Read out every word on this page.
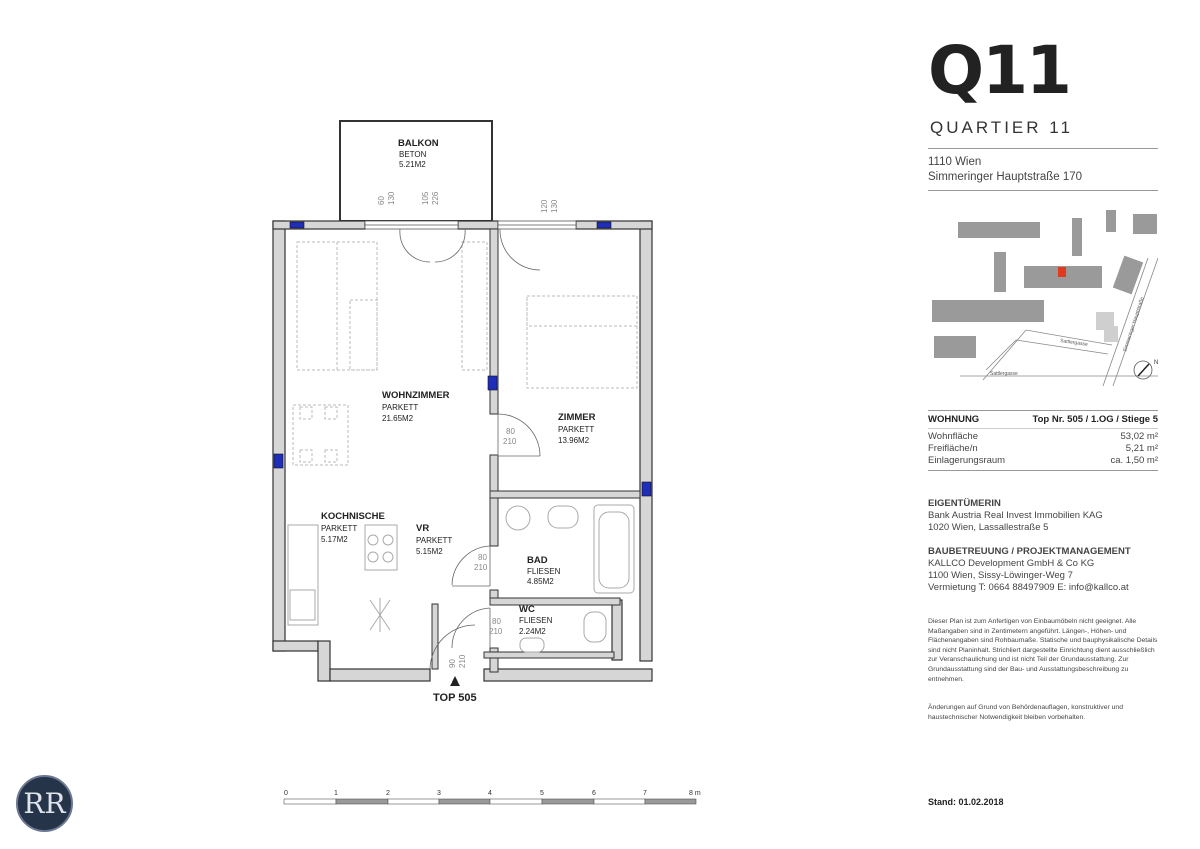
BALKON
BETON
5.21M2
60 130	105 226
120 130
80
210
80
210
80
210
90 210
WOHNZIMMER
PARKETT
21.65M2	ZIMMER
PARKETT
13.96M2
KOCHNISCHE
PARKETT
5.17M2
VR
PARKETT
5.15M2
BAD
FLIESEN
4.85M2
WC
FLIESEN
2.24M2
TOP 505
0	1	2	3	4	5	6	7	8 m
RR
Q11
QUARTIER 11
1110 Wien
Simmeringer Hauptstraße 170
Simmeringer Hauptstraße
Sattlergasse
Sattlergasse
N
WOHNUNG	Top Nr. 505 / 1.OG / Stiege 5
Wohnfläche	53,02 m²
Freifläche/n	5,21 m²
Einlagerungsraum	ca. 1,50 m²
EIGENTÜMERIN
Bank Austria Real Invest Immobilien KAG
1020 Wien, Lassallestraße 5
BAUBETREUUNG / PROJEKTMANAGEMENT
KALLCO Development GmbH & Co KG
1100 Wien, Sissy-Löwinger-Weg 7
Vermietung T: 0664 88497909 E: info@kallco.at
Dieser Plan ist zum Anfertigen von Einbaumöbeln nicht geeignet. Alle Maßangaben sind in Zentimetern angeführt. Längen-, Höhen- und Flächenangaben sind Rohbaumaße. Statische und bauphysikalische Details sind nicht Planinhalt. Strichliert dargestellte Einrichtung dient ausschließlich zur Veranschaulichung und ist nicht Teil der Grundausstattung. Zur Grundausstattung sind der Bau- und Ausstattungsbeschreibung zu entnehmen.
Änderungen auf Grund von Behördenauflagen, konstruktiver und haustechnischer Notwendigkeit bleiben vorbehalten.
Stand: 01.02.2018
